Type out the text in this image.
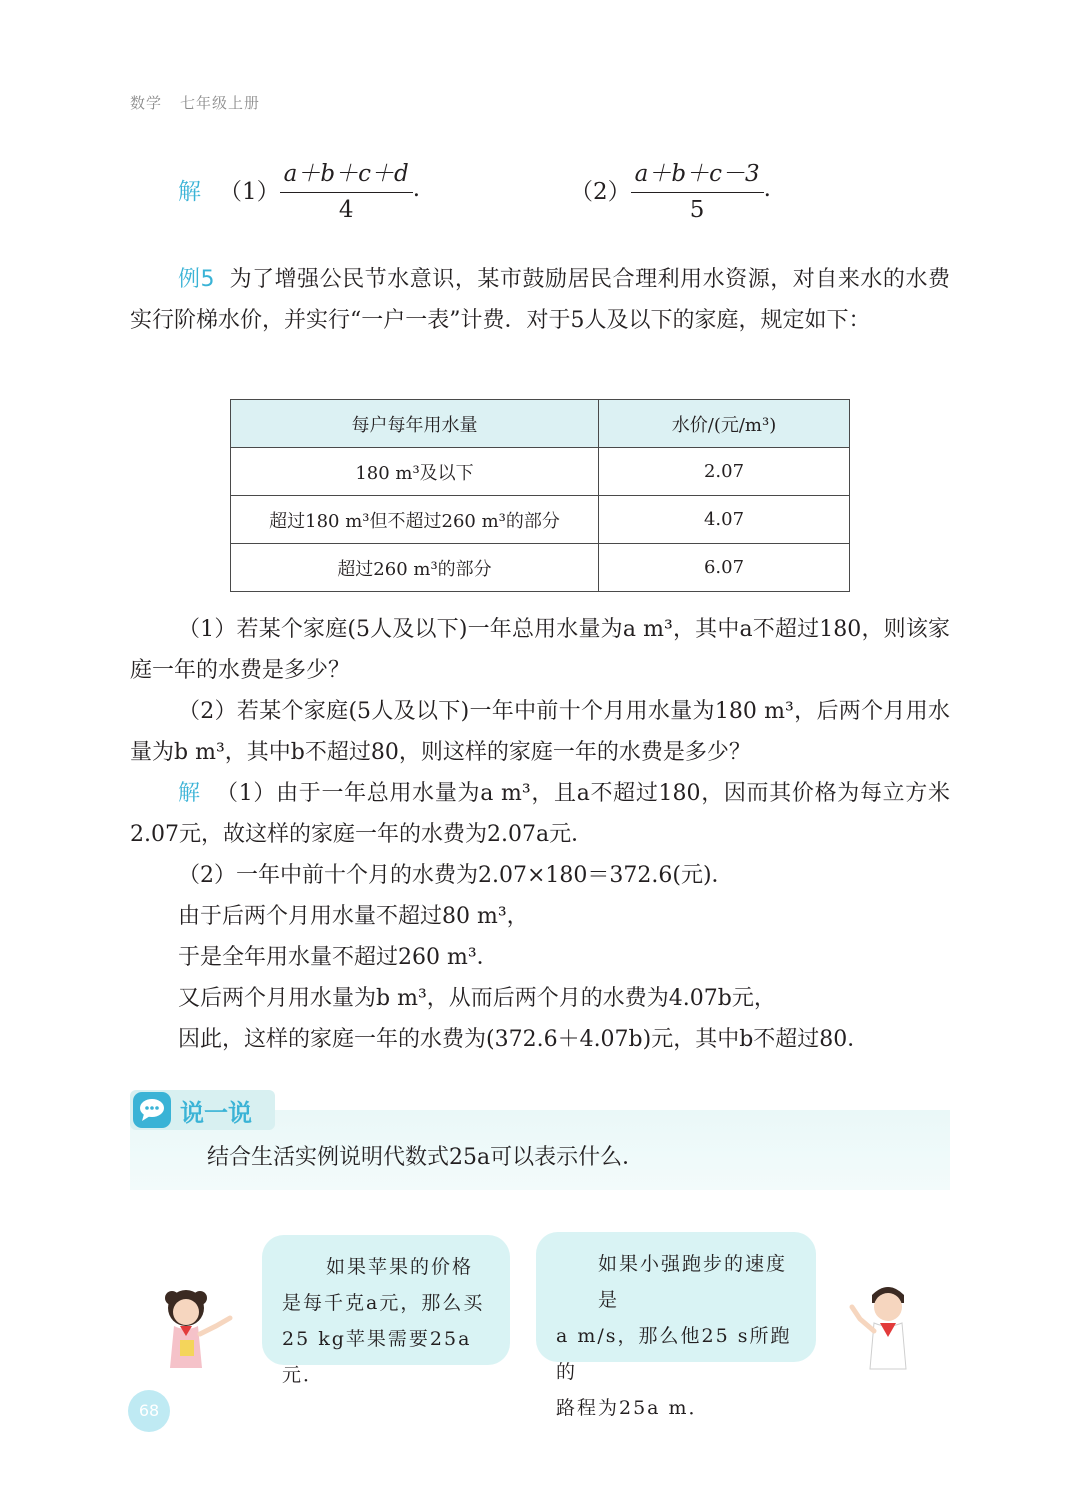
数学 七年级上册
解 $(1) \frac{a+b+c+d}{4}$ .	$(2) \frac{a+b+c-3}{5}$ .
例5 为了增强公民节水意识，某市鼓励居民合理利用水资源，对自来水的水费实行阶梯水价，并实行“一户一表”计费．对于5人及以下的家庭，规定如下：
每户每年用水量	水价/(元/m³)
180 m³及以下	2.07
超过180 m³但不超过260 m³的部分	4.07
超过260 m³的部分	6.07
（1）若某个家庭(5人及以下)一年总用水量为a m³，其中a不超过180，则该家庭一年的水费是多少？
（2）若某个家庭(5人及以下)一年中前十个月用水量为180 m³，后两个月用水量为b m³，其中b不超过80，则这样的家庭一年的水费是多少？
解 （1）由于一年总用水量为a m³，且a不超过180，因而其价格为每立方米2.07元，故这样的家庭一年的水费为2.07a元．
（2）一年中前十个月的水费为2.07×180＝372.6(元)．
由于后两个月用水量不超过80 m³，
于是全年用水量不超过260 m³．
又后两个月用水量为b m³，从而后两个月的水费为4.07b元，
因此，这样的家庭一年的水费为(372.6＋4.07b)元，其中b不超过80．
说一说
结合生活实例说明代数式25a可以表示什么．
如果苹果的价格
是每千克a元，那么买
25 kg苹果需要25a元．
如果小强跑步的速度是
a m/s，那么他25 s所跑的
路程为25a m．
68
